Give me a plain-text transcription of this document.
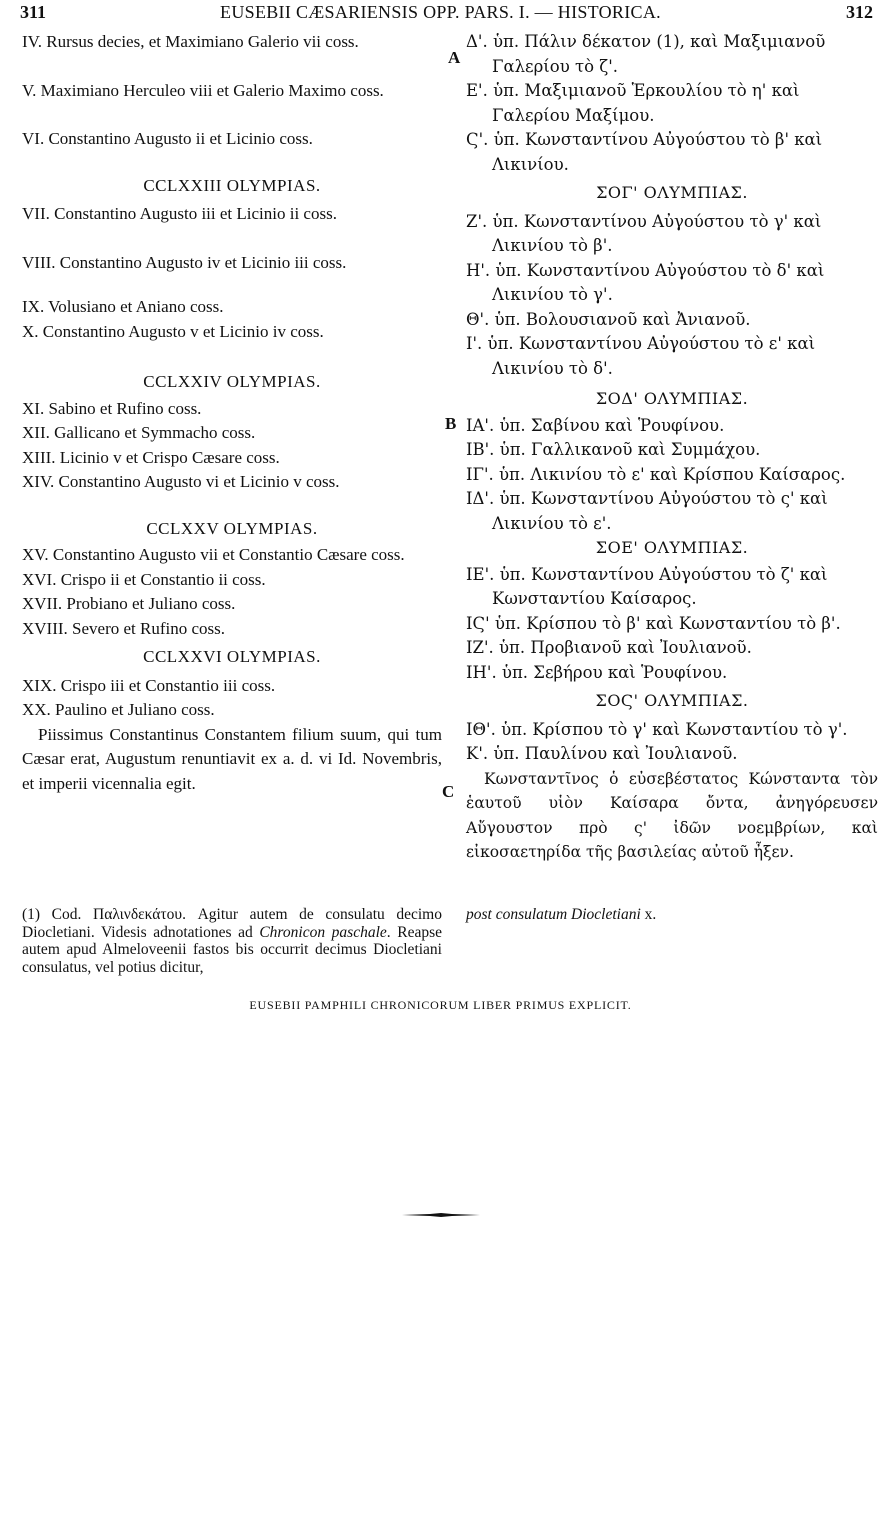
311	EUSEBII CÆSARIENSIS OPP. PARS. I. — HISTORICA.	312
A
B
C
IV. Rursus decies, et Maximiano Galerio vii coss.
V. Maximiano Herculeo viii et Galerio Maximo coss.
VI. Constantino Augusto ii et Licinio coss.
CCLXXIII OLYMPIAS.
VII. Constantino Augusto iii et Licinio ii coss.
VIII. Constantino Augusto iv et Licinio iii coss.
IX. Volusiano et Aniano coss.
X. Constantino Augusto v et Licinio iv coss.
CCLXXIV OLYMPIAS.
XI. Sabino et Rufino coss.
XII. Gallicano et Symmacho coss.
XIII. Licinio v et Crispo Cæsare coss.
XIV. Constantino Augusto vi et Licinio v coss.
CCLXXV OLYMPIAS.
XV. Constantino Augusto vii et Constantio Cæsare coss.
XVI. Crispo ii et Constantio ii coss.
XVII. Probiano et Juliano coss.
XVIII. Severo et Rufino coss.
CCLXXVI OLYMPIAS.
XIX. Crispo iii et Constantio iii coss.
XX. Paulino et Juliano coss.
Piissimus Constantinus Constantem filium suum, qui tum Cæsar erat, Augustum renuntiavit ex a. d. vi Id. Novembris, et imperii vicennalia egit.
Δ'. ὑπ. Πάλιν δέκατον (1), καὶ Μαξιμιανοῦ Γαλερίου τὸ ζ'.
Ε'. ὑπ. Μαξιμιανοῦ Ἑρκουλίου τὸ η' καὶ Γαλερίου Μαξίμου.
Ϛ'. ὑπ. Κωνσταντίνου Αὐγούστου τὸ β' καὶ Λικινίου.
ΣΟΓ' ΟΛΥΜΠΙΑΣ.
Ζ'. ὑπ. Κωνσταντίνου Αὐγούστου τὸ γ' καὶ Λικινίου τὸ β'.
Η'. ὑπ. Κωνσταντίνου Αὐγούστου τὸ δ' καὶ Λικινίου τὸ γ'.
Θ'. ὑπ. Βολουσιανοῦ καὶ Ἀνιανοῦ.
Ι'. ὑπ. Κωνσταντίνου Αὐγούστου τὸ ε' καὶ Λικινίου τὸ δ'.
ΣΟΔ' ΟΛΥΜΠΙΑΣ.
ΙΑ'. ὑπ. Σαβίνου καὶ Ῥουφίνου.
ΙΒ'. ὑπ. Γαλλικανοῦ καὶ Συμμάχου.
ΙΓ'. ὑπ. Λικινίου τὸ ε' καὶ Κρίσπου Καίσαρος.
ΙΔ'. ὑπ. Κωνσταντίνου Αὐγούστου τὸ ς' καὶ Λικινίου τὸ ε'.
ΣΟΕ' ΟΛΥΜΠΙΑΣ.
ΙΕ'. ὑπ. Κωνσταντίνου Αὐγούστου τὸ ζ' καὶ Κωνσταντίου Καίσαρος.
ΙϚ' ὑπ. Κρίσπου τὸ β' καὶ Κωνσταντίου τὸ β'.
ΙΖ'. ὑπ. Προβιανοῦ καὶ Ἰουλιανοῦ.
ΙΗ'. ὑπ. Σεβήρου καὶ Ῥουφίνου.
ΣΟϚ' ΟΛΥΜΠΙΑΣ.
ΙΘ'. ὑπ. Κρίσπου τὸ γ' καὶ Κωνσταντίου τὸ γ'.
Κ'. ὑπ. Παυλίνου καὶ Ἰουλιανοῦ.
Κωνσταντῖνος ὁ εὐσεβέστατος Κώνσταντα τὸν ἑαυτοῦ υἱὸν Καίσαρα ὄντα, ἀνηγόρευσεν Αὔγουστον πρὸ ς' ἰδῶν νοεμβρίων, καὶ εἰκοσαετηρίδα τῆς βασιλείας αὐτοῦ ἦξεν.
(1) Cod. Παλινδεκάτου. Agitur autem de consulatu decimo Diocletiani. Videsis adnotationes ad Chronicon paschale. Reapse autem apud Almeloveenii fastos bis occurrit decimus Diocletiani consulatus, vel potius dicitur,
post consulatum Diocletiani x.
EUSEBII PAMPHILI CHRONICORUM LIBER PRIMUS EXPLICIT.
